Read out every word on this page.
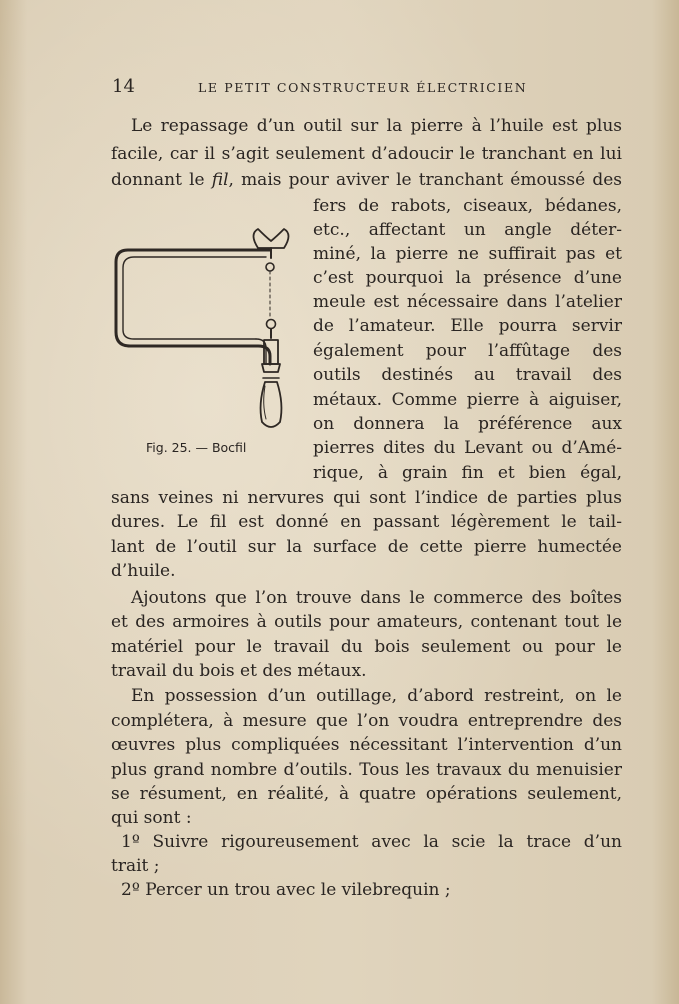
14	LE PETIT CONSTRUCTEUR ÉLECTRICIEN
Le repassage d’un outil sur la pierre à l’huile est plus
facile, car il s’agit seulement d’adoucir le tranchant en lui
donnant le fil, mais pour aviver le tranchant émoussé des
fers de rabots, ciseaux, bédanes,
etc., affectant un angle déter-
miné, la pierre ne suffirait pas et
c’est pourquoi la présence d’une
meule est nécessaire dans l’atelier
de l’amateur. Elle pourra servir
également pour l’affûtage des
outils destinés au travail des
métaux. Comme pierre à aiguiser,
on donnera la préférence aux
pierres dites du Levant ou d’Amé-
rique, à grain fin et bien égal,
Fig. 25. — Bocfil
sans veines ni nervures qui sont l’indice de parties plus
dures. Le fil est donné en passant légèrement le tail-
lant de l’outil sur la surface de cette pierre humectée
d’huile.
Ajoutons que l’on trouve dans le commerce des boîtes
et des armoires à outils pour amateurs, contenant tout le
matériel pour le travail du bois seulement ou pour le
travail du bois et des métaux.
En possession d’un outillage, d’abord restreint, on le
complétera, à mesure que l’on voudra entreprendre des
œuvres plus compliquées nécessitant l’intervention d’un
plus grand nombre d’outils. Tous les travaux du menuisier
se résument, en réalité, à quatre opérations seulement,
qui sont :
1º Suivre rigoureusement avec la scie la trace d’un
trait ;
2º Percer un trou avec le vilebrequin ;
